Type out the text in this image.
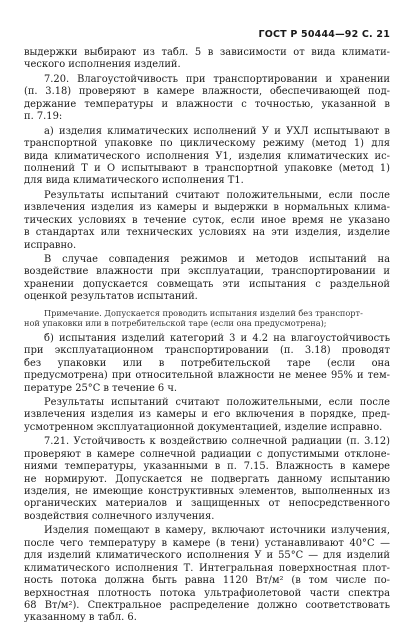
ГОСТ Р 50444—92 С. 21
выдержки выбирают из табл. 5 в зависимости от вида климати-
ческого исполнения изделий.
7.20. Влагоустойчивость при транспортировании и хранении
(п. 3.18) проверяют в камере влажности, обеспечивающей под-
держание температуры и влажности с точностью, указанной в
п. 7.19:
а) изделия климатических исполнений У и УХЛ испытывают в
транспортной упаковке по циклическому режиму (метод 1) для
вида климатического исполнения У1, изделия климатических ис-
полнений Т и О испытывают в транспортной упаковке (метод 1)
для вида климатического исполнения Т1.
Результаты испытаний считают положительными, если после
извлечения изделия из камеры и выдержки в нормальных клима-
тических условиях в течение суток, если иное время не указано
в стандартах или технических условиях на эти изделия, изделие
исправно.
В случае совпадения режимов и методов испытаний на
воздействие влажности при эксплуатации, транспортировании и
хранении допускается совмещать эти испытания с раздельной
оценкой результатов испытаний.
Примечание. Допускается проводить испытания изделий без транспорт-
ной упаковки или в потребительской таре (если она предусмотрена);
б) испытания изделий категорий 3 и 4.2 на влагоустойчивость
при эксплуатационном транспортировании (п. 3.18) проводят
без упаковки или в потребительской таре (если она
предусмотрена) при относительной влажности не менее 95% и тем-
пературе 25°С в течение 6 ч.
Результаты испытаний считают положительными, если после
извлечения изделия из камеры и его включения в порядке, пред-
усмотренном эксплуатационной документацией, изделие исправно.
7.21. Устойчивость к воздействию солнечной радиации (п. 3.12)
проверяют в камере солнечной радиации с допустимыми отклоне-
ниями температуры, указанными в п. 7.15. Влажность в камере
не нормируют. Допускается не подвергать данному испытанию
изделия, не имеющие конструктивных элементов, выполненных из
органических материалов и защищенных от непосредственного
воздействия солнечного излучения.
Изделия помещают в камеру, включают источники излучения,
после чего температуру в камере (в тени) устанавливают 40°С —
для изделий климатического исполнения У и 55°С — для изделий
климатического исполнения Т. Интегральная поверхностная плот-
ность потока должна быть равна 1120 Вт/м² (в том числе по-
верхностная плотность потока ультрафиолетовой части спектра
68 Вт/м²). Спектральное распределение должно соответствовать
указанному в табл. 6.
